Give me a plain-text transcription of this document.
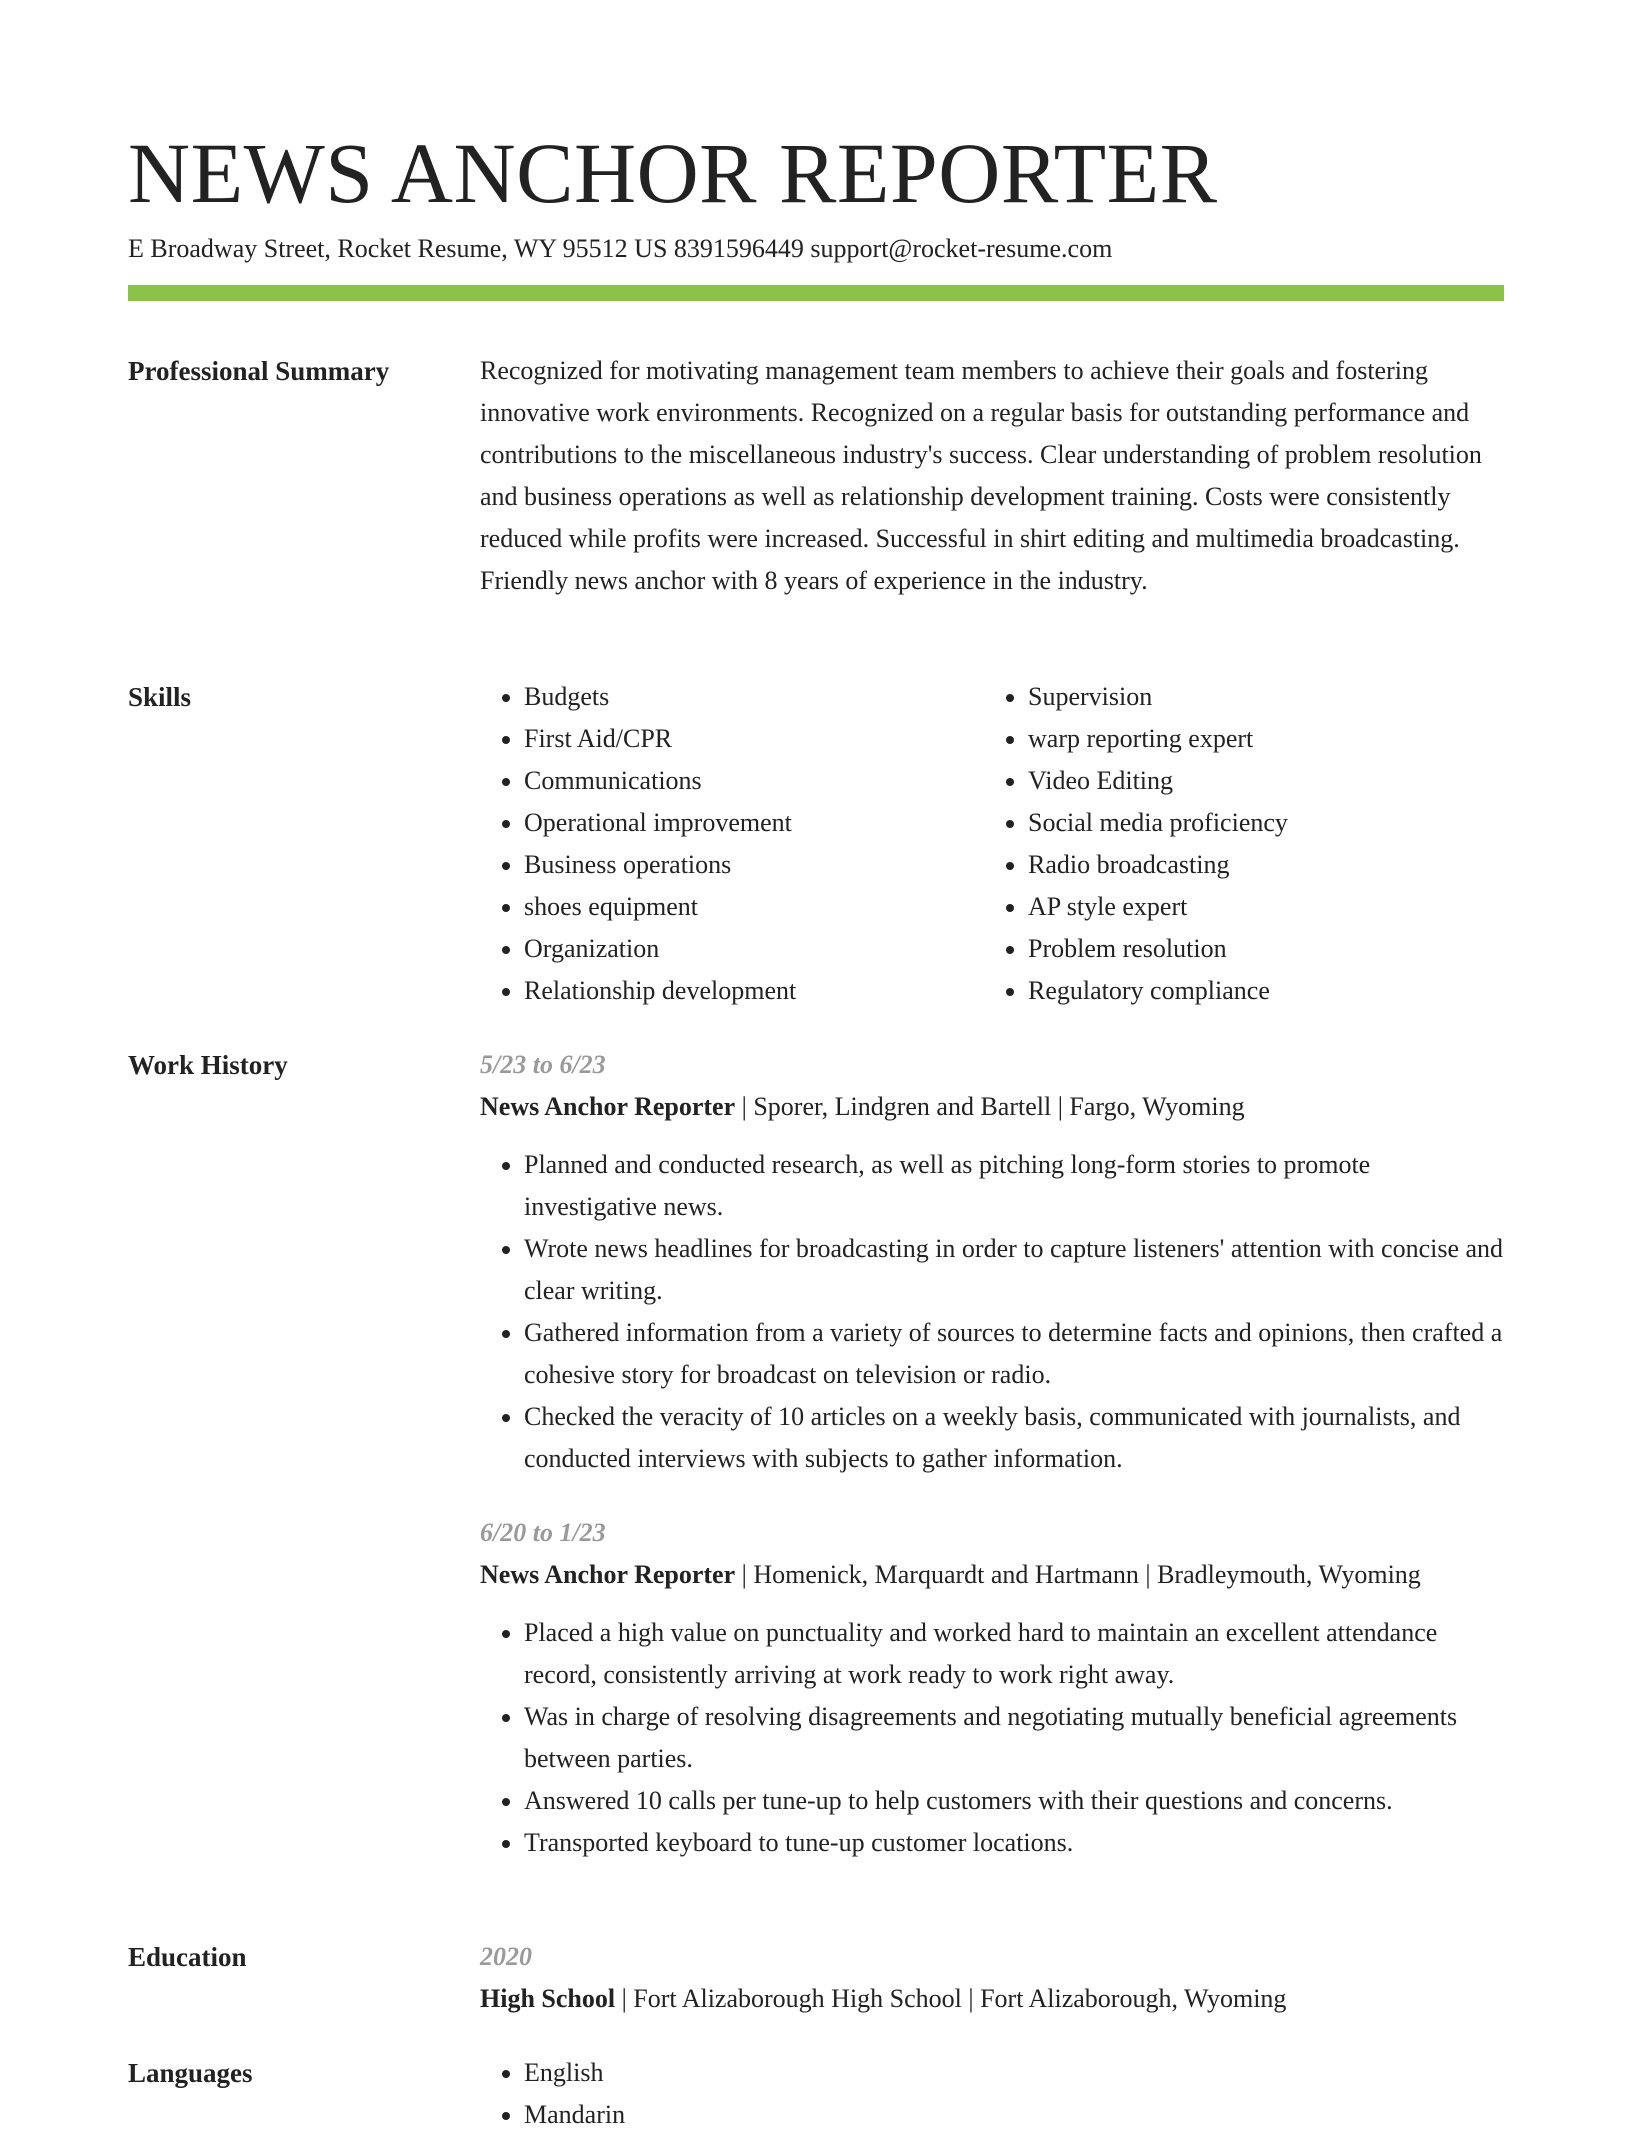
NEWS ANCHOR REPORTER
E Broadway Street, Rocket Resume, WY 95512 US 8391596449 support@rocket-resume.com
Professional Summary	Recognized for motivating management team members to achieve their goals and fostering innovative work environments. Recognized on a regular basis for outstanding performance and contributions to the miscellaneous industry's success. Clear understanding of problem resolution and business operations as well as relationship development training. Costs were consistently reduced while profits were increased. Successful in shirt editing and multimedia broadcasting. Friendly news anchor with 8 years of experience in the industry.

Skills	• Budgets
• First Aid/CPR
• Communications
• Operational improvement
• Business operations
• shoes equipment
• Organization
• Relationship development
• Supervision
• warp reporting expert
• Video Editing
• Social media proficiency
• Radio broadcasting
• AP style expert
• Problem resolution
• Regulatory compliance
Work History	5/23 to 6/23
News Anchor Reporter | Sporer, Lindgren and Bartell | Fargo, Wyoming
• Planned and conducted research, as well as pitching long-form stories to promote investigative news.
• Wrote news headlines for broadcasting in order to capture listeners' attention with concise and clear writing.
• Gathered information from a variety of sources to determine facts and opinions, then crafted a cohesive story for broadcast on television or radio.
• Checked the veracity of 10 articles on a weekly basis, communicated with journalists, and conducted interviews with subjects to gather information.
6/20 to 1/23
News Anchor Reporter | Homenick, Marquardt and Hartmann | Bradleymouth, Wyoming
• Placed a high value on punctuality and worked hard to maintain an excellent attendance record, consistently arriving at work ready to work right away.
• Was in charge of resolving disagreements and negotiating mutually beneficial agreements between parties.
• Answered 10 calls per tune-up to help customers with their questions and concerns.
• Transported keyboard to tune-up customer locations.
Education	2020
High School | Fort Alizaborough High School | Fort Alizaborough, Wyoming
Languages	• English
• Mandarin
